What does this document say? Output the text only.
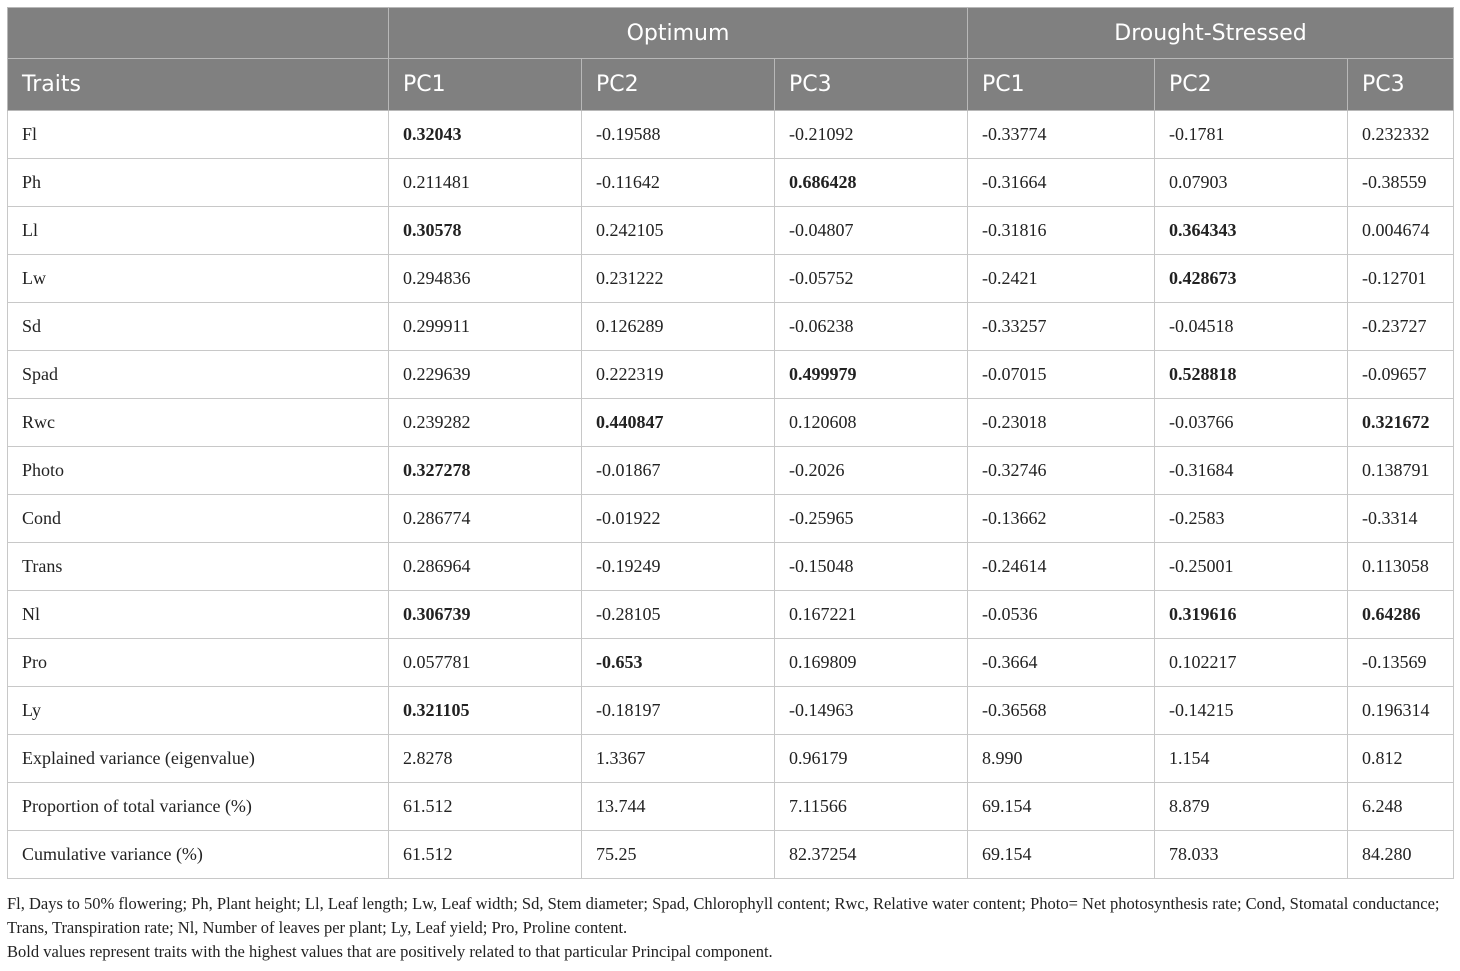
	Optimum			Drought-Stressed		
Traits	PC1	PC2	PC3	PC1	PC2	PC3
Fl	0.32043	-0.19588	-0.21092	-0.33774	-0.1781	0.232332
Ph	0.211481	-0.11642	0.686428	-0.31664	0.07903	-0.38559
Ll	0.30578	0.242105	-0.04807	-0.31816	0.364343	0.004674
Lw	0.294836	0.231222	-0.05752	-0.2421	0.428673	-0.12701
Sd	0.299911	0.126289	-0.06238	-0.33257	-0.04518	-0.23727
Spad	0.229639	0.222319	0.499979	-0.07015	0.528818	-0.09657
Rwc	0.239282	0.440847	0.120608	-0.23018	-0.03766	0.321672
Photo	0.327278	-0.01867	-0.2026	-0.32746	-0.31684	0.138791
Cond	0.286774	-0.01922	-0.25965	-0.13662	-0.2583	-0.3314
Trans	0.286964	-0.19249	-0.15048	-0.24614	-0.25001	0.113058
Nl	0.306739	-0.28105	0.167221	-0.0536	0.319616	0.64286
Pro	0.057781	-0.653	0.169809	-0.3664	0.102217	-0.13569
Ly	0.321105	-0.18197	-0.14963	-0.36568	-0.14215	0.196314
Explained variance (eigenvalue)	2.8278	1.3367	0.96179	8.990	1.154	0.812
Proportion of total variance (%)	61.512	13.744	7.11566	69.154	8.879	6.248
Cumulative variance (%)	61.512	75.25	82.37254	69.154	78.033	84.280

Fl, Days to 50% flowering; Ph, Plant height; Ll, Leaf length; Lw, Leaf width; Sd, Stem diameter; Spad, Chlorophyll content; Rwc, Relative water content; Photo= Net photosynthesis rate; Cond, Stomatal conductance; Trans, Transpiration rate; Nl, Number of leaves per plant; Ly, Leaf yield; Pro, Proline content.

Bold values represent traits with the highest values that are positively related to that particular Principal component.
